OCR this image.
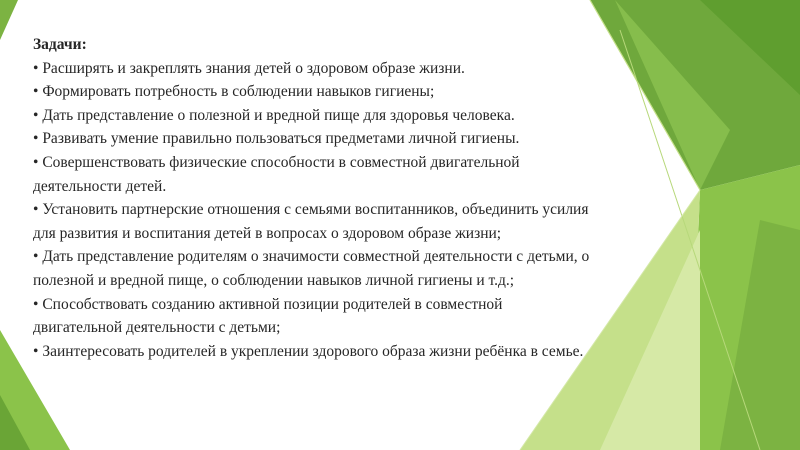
Задачи:

• Расширять и закреплять знания детей о здоровом образе жизни.

• Формировать потребность в соблюдении навыков гигиены;

• Дать представление о полезной и вредной пище для здоровья человека.

• Развивать умение правильно пользоваться предметами личной гигиены.

• Совершенствовать физические способности в совместной двигательной
деятельности детей.

• Установить партнерские отношения с семьями воспитанников, объединить усилия
для развития и воспитания детей в вопросах о здоровом образе жизни;

• Дать представление родителям о значимости совместной деятельности с детьми, о
полезной и вредной пище, о соблюдении навыков личной гигиены и т.д.;

• Способствовать созданию активной позиции родителей в совместной
двигательной деятельности с детьми;

• Заинтересовать родителей в укреплении здорового образа жизни ребёнка в семье.
